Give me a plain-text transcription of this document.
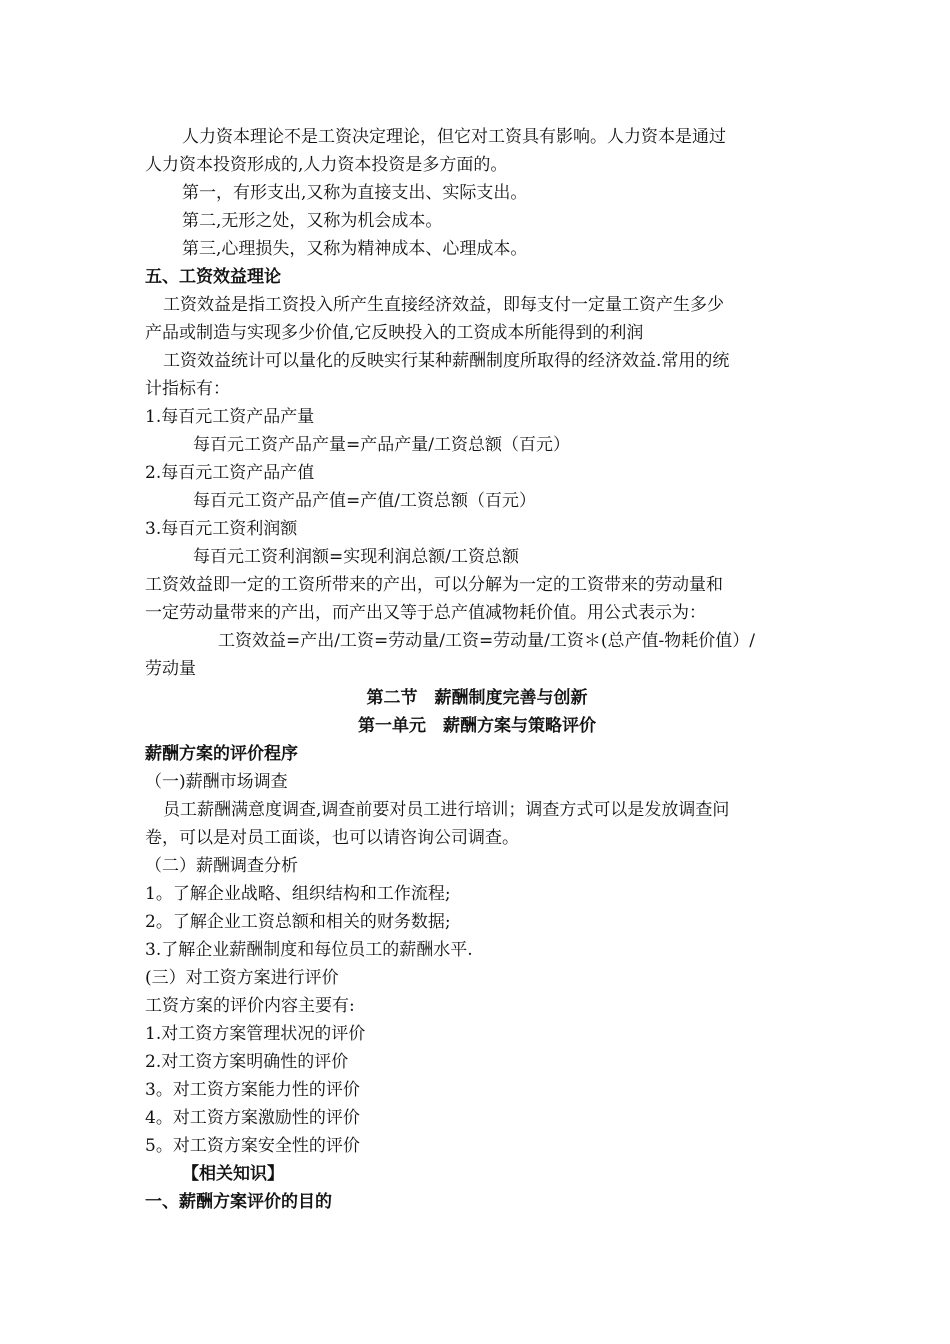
人力资本理论不是工资决定理论，但它对工资具有影响。人力资本是通过
人力资本投资形成的,人力资本投资是多方面的。
第一，有形支出,又称为直接支出、实际支出。
第二,无形之处，又称为机会成本。
第三,心理损失，又称为精神成本、心理成本。
五、工资效益理论
工资效益是指工资投入所产生直接经济效益，即每支付一定量工资产生多少
产品或制造与实现多少价值,它反映投入的工资成本所能得到的利润
工资效益统计可以量化的反映实行某种薪酬制度所取得的经济效益.常用的统
计指标有：
1.每百元工资产品产量
每百元工资产品产量=产品产量/工资总额（百元）
2.每百元工资产品产值
每百元工资产品产值=产值/工资总额（百元）
3.每百元工资利润额
每百元工资利润额=实现利润总额/工资总额
工资效益即一定的工资所带来的产出，可以分解为一定的工资带来的劳动量和
一定劳动量带来的产出，而产出又等于总产值减物耗价值。用公式表示为：
工资效益=产出/工资=劳动量/工资=劳动量/工资＊(总产值-物耗价值）/
劳动量
第二节　薪酬制度完善与创新
第一单元　薪酬方案与策略评价
薪酬方案的评价程序
（一)薪酬市场调查
员工薪酬满意度调查,调查前要对员工进行培训；调查方式可以是发放调查问
卷，可以是对员工面谈，也可以请咨询公司调查。
（二）薪酬调查分析
1。了解企业战略、组织结构和工作流程;
2。了解企业工资总额和相关的财务数据;
3.了解企业薪酬制度和每位员工的薪酬水平.
(三）对工资方案进行评价
工资方案的评价内容主要有:
1.对工资方案管理状况的评价
2.对工资方案明确性的评价
3。对工资方案能力性的评价
4。对工资方案激励性的评价
5。对工资方案安全性的评价
【相关知识】
一、薪酬方案评价的目的
